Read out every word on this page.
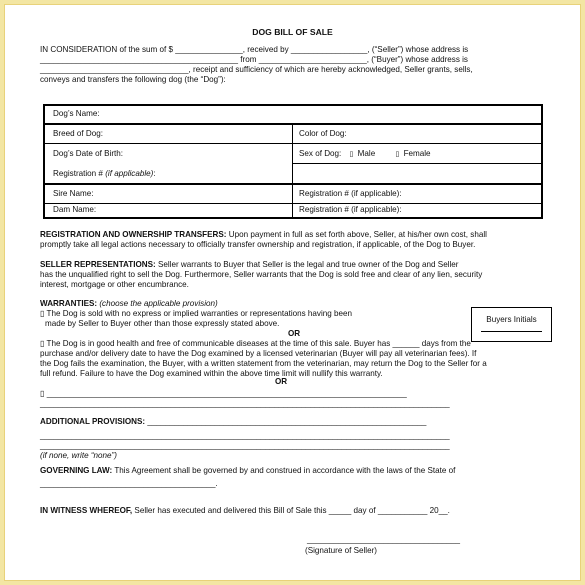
DOG BILL OF SALE
IN CONSIDERATION of the sum of $ _______________, received by _________________, (“Seller”) whose address is
____________________________________________ from ________________________, (“Buyer”) whose address is
_________________________________, receipt and sufficiency of which are hereby acknowledged, Seller grants, sells,
conveys and transfers the following dog (the “Dog”):
Dog’s Name:
Breed of Dog:	Color of Dog:
Dog’s Date of Birth:	Sex of Dog: ▯ Male	▯ Female
Registration # (if applicable):
Sire Name:	Registration # (if applicable):
Dam Name:	Registration # (if applicable):
REGISTRATION AND OWNERSHIP TRANSFERS: Upon payment in full as set forth above, Seller, at his/her own cost, shall
promptly take all legal actions necessary to officially transfer ownership and registration, if applicable, of the Dog to Buyer.
SELLER REPRESENTATIONS: Seller warrants to Buyer that Seller is the legal and true owner of the Dog and Seller
has the unqualified right to sell the Dog. Furthermore, Seller warrants that the Dog is sold free and clear of any lien, security
interest, mortgage or other encumbrance.
WARRANTIES: (choose the applicable provision)
▯ The Dog is sold with no express or implied warranties or representations having been
made by Seller to Buyer other than those expressly stated above.
OR
▯ The Dog is in good health and free of communicable diseases at the time of this sale. Buyer has ______ days from the
purchase and/or delivery date to have the Dog examined by a licensed veterinarian (Buyer will pay all veterinarian fees). If
the Dog fails the examination, the Buyer, with a written statement from the veterinarian, may return the Dog to the Seller for a
full refund. Failure to have the Dog examined within the above time limit will nullify this warranty.
OR
▯ ________________________________________________________________________________
___________________________________________________________________________________________
Buyers Initials
ADDITIONAL PROVISIONS: ______________________________________________________________
___________________________________________________________________________________________
___________________________________________________________________________________________
(if none, write “none”)
GOVERNING LAW: This Agreement shall be governed by and construed in accordance with the laws of the State of
_______________________________________.
IN WITNESS WHEREOF, Seller has executed and delivered this Bill of Sale this _____ day of ___________ 20__.
__________________________________
(Signature of Seller)
